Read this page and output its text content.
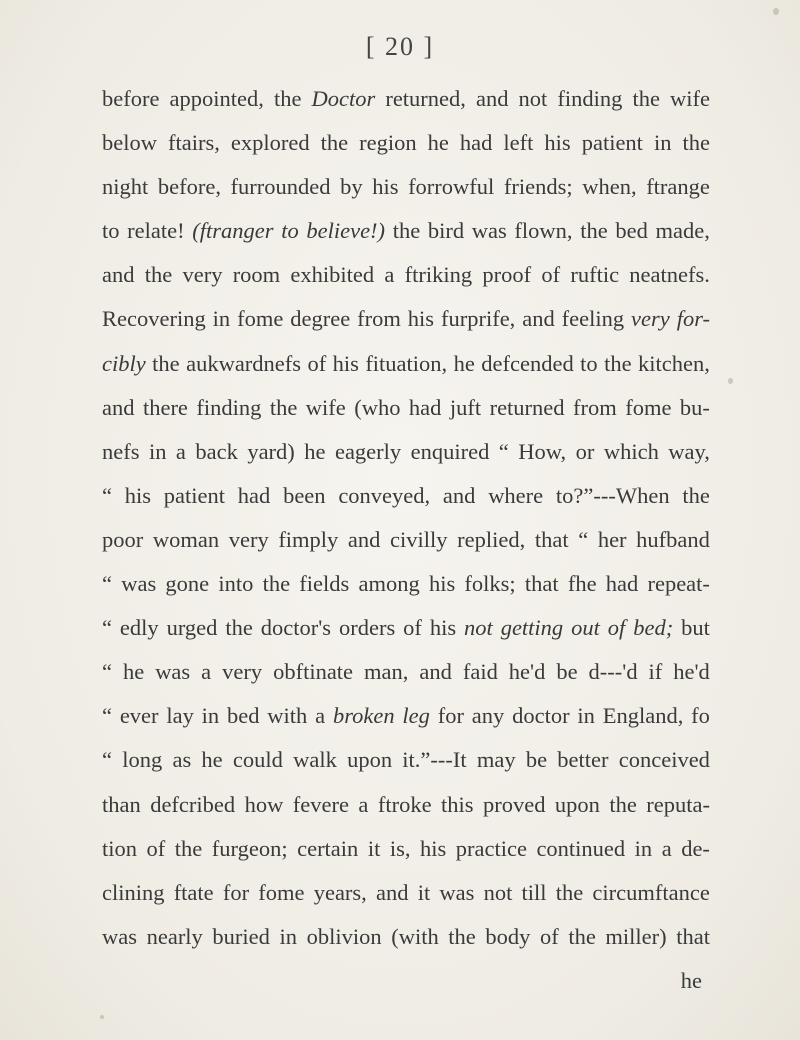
[ 20 ]
before appointed, the Doctor returned, and not finding the wife
below ftairs, explored the region he had left his patient in the
night before, furrounded by his forrowful friends; when, ftrange
to relate! (ftranger to believe!) the bird was flown, the bed made,
and the very room exhibited a ftriking proof of ruftic neatnefs.
Recovering in fome degree from his furprife, and feeling very for-
cibly the aukwardnefs of his fituation, he defcended to the kitchen,
and there finding the wife (who had juft returned from fome bu-
nefs in a back yard) he eagerly enquired “ How, or which way,
“ his patient had been conveyed, and where to?”---When the
poor woman very fimply and civilly replied, that “ her hufband
“ was gone into the fields among his folks; that fhe had repeat-
“ edly urged the doctor's orders of his not getting out of bed; but
“ he was a very obftinate man, and faid he'd be d---'d if he'd
“ ever lay in bed with a broken leg for any doctor in England, fo
“ long as he could walk upon it.”---It may be better conceived
than defcribed how fevere a ftroke this proved upon the reputa-
tion of the furgeon; certain it is, his practice continued in a de-
clining ftate for fome years, and it was not till the circumftance
was nearly buried in oblivion (with the body of the miller) that
he
